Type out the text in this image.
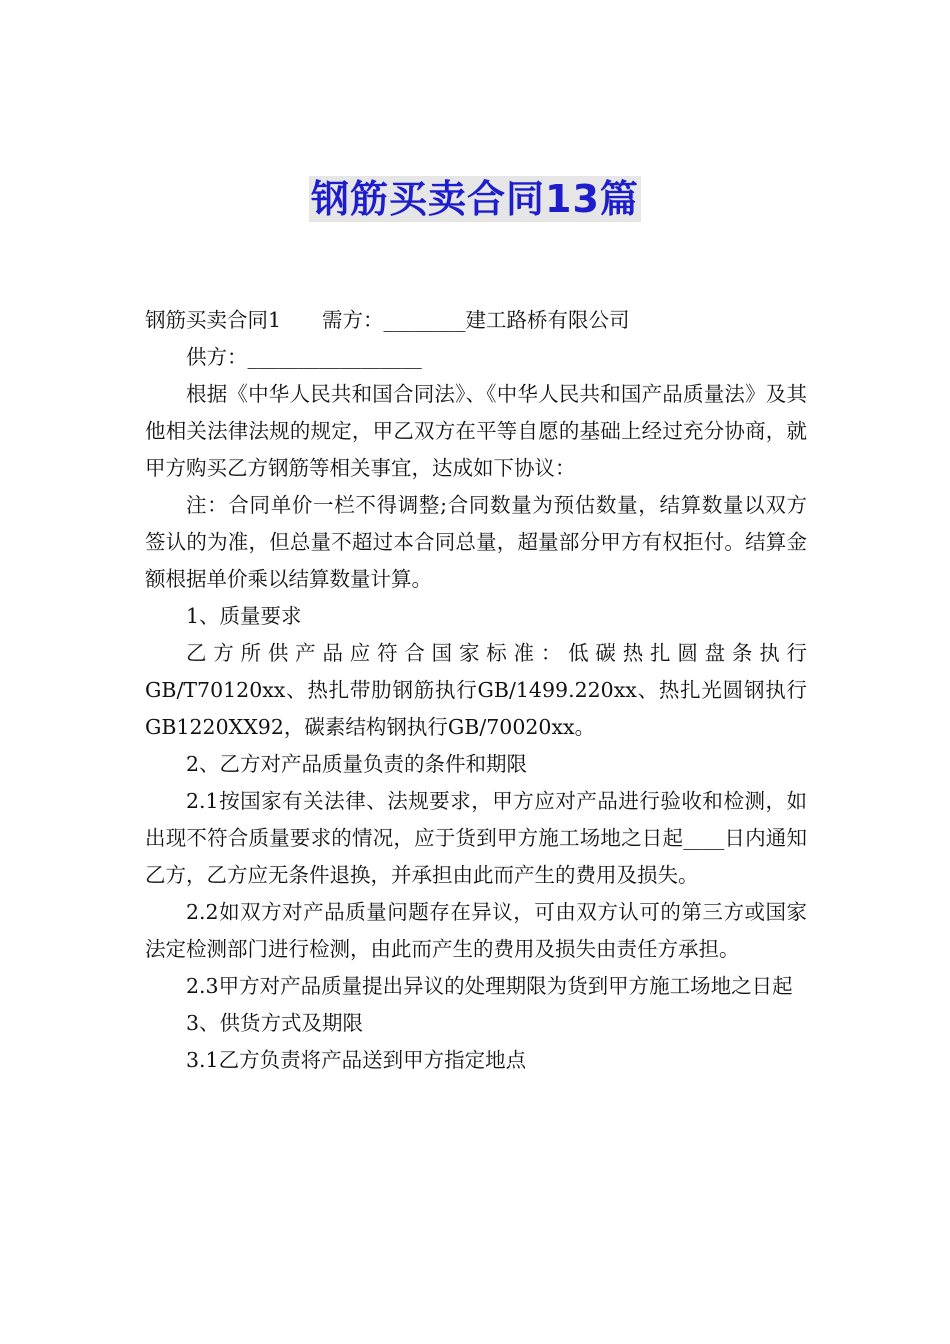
钢筋买卖合同13篇

钢筋买卖合同1　　需方：________建工路桥有限公司

供方：_________________

根据《中华人民共和国合同法》、《中华人民共和国产品质量法》及其他相关法律法规的规定，甲乙双方在平等自愿的基础上经过充分协商，就甲方购买乙方钢筋等相关事宜，达成如下协议：

注：合同单价一栏不得调整;合同数量为预估数量，结算数量以双方签认的为准，但总量不超过本合同总量，超量部分甲方有权拒付。结算金额根据单价乘以结算数量计算。

1、质量要求

乙方所供产品应符合国家标准：低碳热扎圆盘条执行GB/T70120xx、热扎带肋钢筋执行GB/1499.220xx、热扎光圆钢执行GB1220XX92，碳素结构钢执行GB/70020xx。

2、乙方对产品质量负责的条件和期限

2.1按国家有关法律、法规要求，甲方应对产品进行验收和检测，如出现不符合质量要求的情况，应于货到甲方施工场地之日起____日内通知乙方，乙方应无条件退换，并承担由此而产生的费用及损失。

2.2如双方对产品质量问题存在异议，可由双方认可的第三方或国家法定检测部门进行检测，由此而产生的费用及损失由责任方承担。

2.3甲方对产品质量提出异议的处理期限为货到甲方施工场地之日起

3、供货方式及期限

3.1乙方负责将产品送到甲方指定地点
